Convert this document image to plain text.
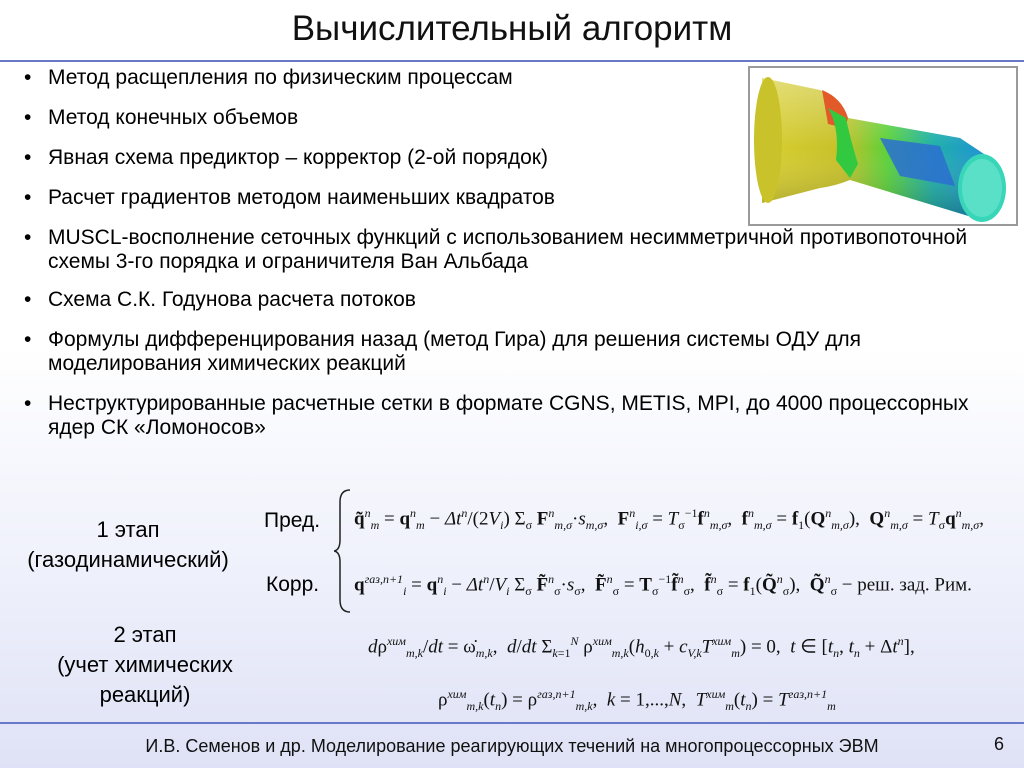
Вычислительный алгоритм
• Метод расщепления по физическим процессам
• Метод конечных объемов
• Явная схема предиктор – корректор (2-ой порядок)
• Расчет градиентов методом наименьших квадратов
• MUSCL-восполнение сеточных функций с использованием несимметричной противопоточной схемы 3-го порядка и ограничителя Ван Альбада
• Схема С.К. Годунова расчета потоков
• Формулы дифференцирования назад (метод Гира) для решения системы ОДУ для моделирования химических реакций
• Неструктурированные расчетные сетки в формате CGNS, METIS, MPI, до 4000 процессорных ядер СК «Ломоносов»
1 этап
(газодинамический)
2 этап
(учет химических
реакций)
Пред.
Корр.
q̃$^n_m$ = $q^n_m - \Delta t^n/(2V_i)$ $\Sigma_\sigma$ $F^n_{m,\sigma}\cdot s_{m,\sigma}$,  $F^n_{i,\sigma} = T_\sigma^{-1}f^n_{m,\sigma}$,  $f^n_{m,\sigma} = f_1(Q^n_{m,\sigma})$,  $Q^n_{m,\sigma} = T_\sigma q^n_{m,\sigma}$,
$q^{газ,n+1}_i = q^n_i - \Delta t^n/V_i$ $\Sigma_\sigma$ $F̃^n_\sigma\cdot s_\sigma$,  F̃$^n_\sigma$ = $T_\sigma^{-1}f̃^n_\sigma$,  f̃$^n_\sigma$ = $f_1(Q̃^n_\sigma)$,  Q̃$^n_\sigma$ − реш. зад. Рим.
$d\rho^{хим}_{m,k}/dt$ = $\omegȧ_{m,k}$,  d/dt $\Sigma_{k=1}^N$ $\rho^{хим}_{m,k}(h_{0,k} + c_{V,k}T^{хим}_m) = 0$,  t ∈ [$t_n$, $t_n + \Delta t^n$],
$\rho^{хим}_{m,k}(t_n) = \rho^{газ,n+1}_{m,k}$,  k = 1,...,N,  $T^{хим}_m(t_n) = T^{газ,n+1}_m$
И.В. Семенов и др. Моделирование реагирующих течений на многопроцессорных ЭВМ	6
